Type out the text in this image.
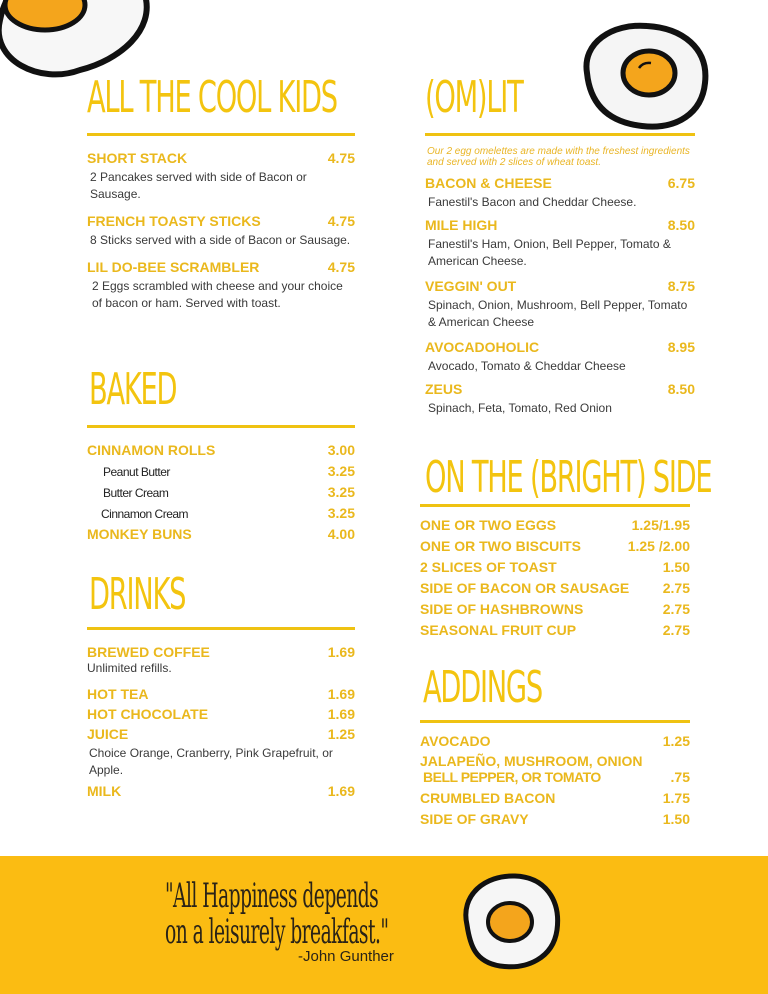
ALL THE COOL KIDS
SHORT STACK	4.75
2 Pancakes served with side of Bacon or Sausage.
FRENCH TOASTY STICKS	4.75
8 Sticks served with a side of Bacon or Sausage.
LIL DO-BEE SCRAMBLER	4.75
2 Eggs scrambled with cheese and your choice of bacon or ham. Served with toast.
BAKED
CINNAMON ROLLS	3.00
Peanut Butter	3.25
Butter Cream	3.25
Cinnamon Cream	3.25
MONKEY BUNS	4.00
DRINKS
BREWED COFFEE	1.69
Unlimited refills.
HOT TEA	1.69
HOT CHOCOLATE	1.69
JUICE	1.25
Choice Orange, Cranberry, Pink Grapefruit, or Apple.
MILK	1.69
(OM)LIT
Our 2 egg omelettes are made with the freshest ingredients and served with 2 slices of wheat toast.
BACON & CHEESE	6.75
Fanestil's Bacon and Cheddar Cheese.
MILE HIGH	8.50
Fanestil's Ham, Onion, Bell Pepper, Tomato & American Cheese.
VEGGIN' OUT	8.75
Spinach, Onion, Mushroom, Bell Pepper, Tomato & American Cheese
AVOCADOHOLIC	8.95
Avocado, Tomato & Cheddar Cheese
ZEUS	8.50
Spinach, Feta, Tomato, Red Onion
ON THE (BRIGHT) SIDE
ONE OR TWO EGGS	1.25/1.95
ONE OR TWO BISCUITS	1.25 /2.00
2 SLICES OF TOAST	1.50
SIDE OF BACON OR SAUSAGE 2.75
SIDE OF HASHBROWNS	2.75
SEASONAL FRUIT CUP	2.75
ADDINGS
AVOCADO	1.25
JALAPEÑO, MUSHROOM, ONION
BELL PEPPER, OR TOMATO	.75
CRUMBLED BACON	1.75
SIDE OF GRAVY	1.50
"All Happiness depends
on a leisurely breakfast."
-John Gunther
